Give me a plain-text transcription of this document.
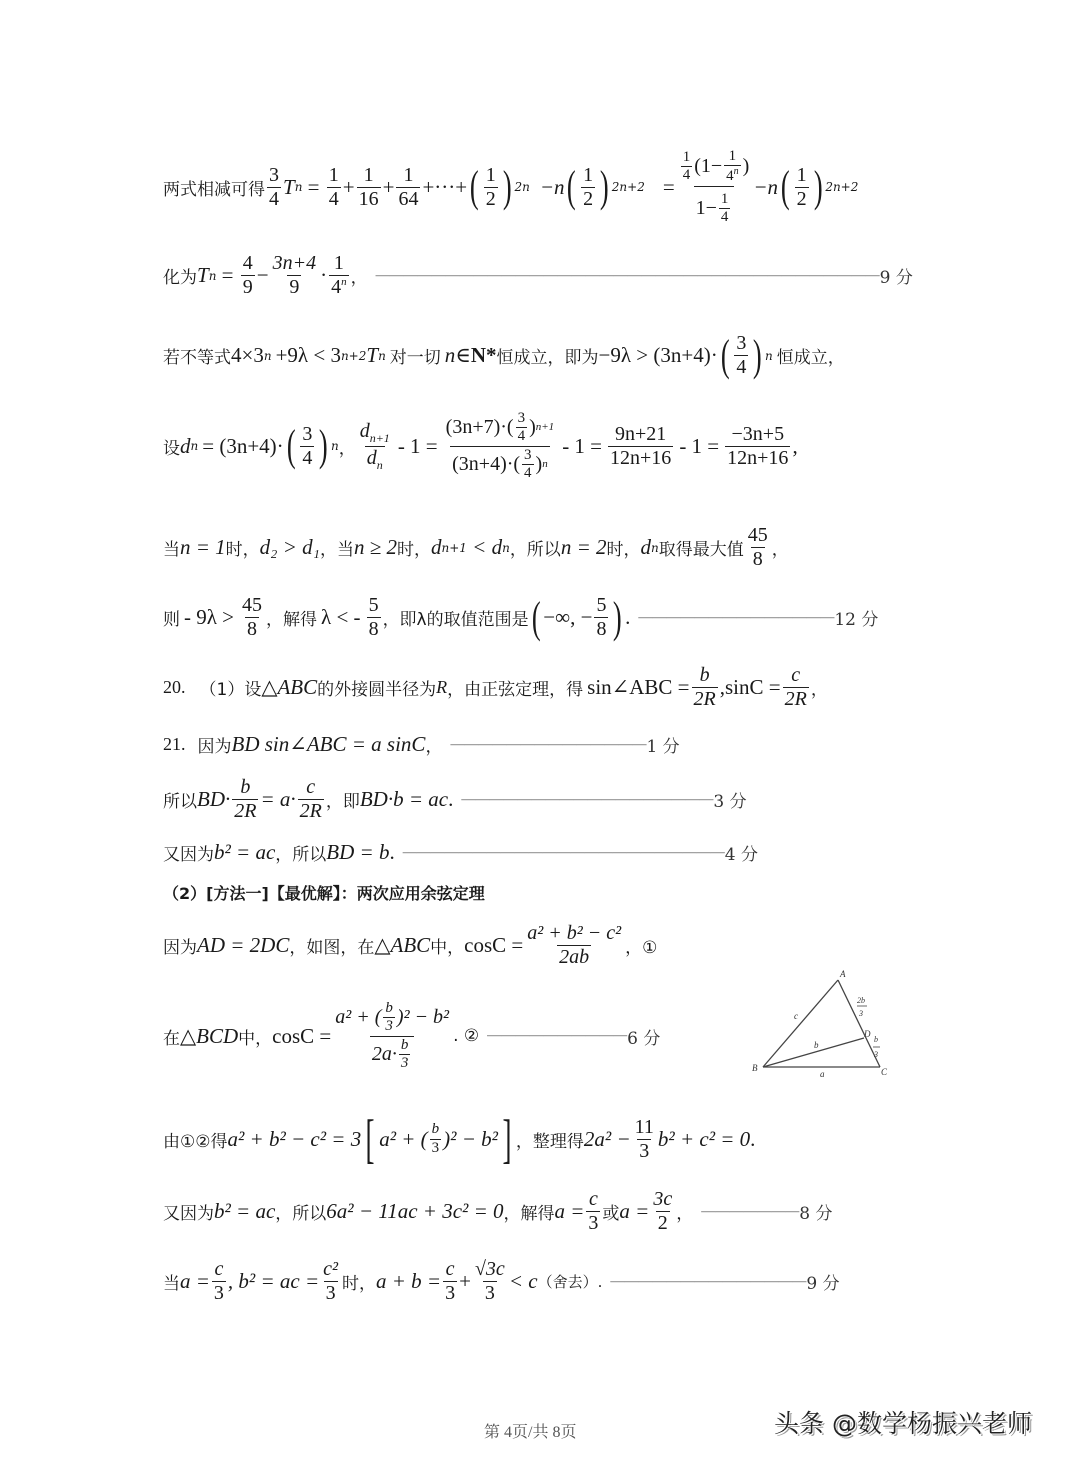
两式相减可得 $\frac{3}{4}$ T $n = \frac{1}{4} + \frac{1}{16} + \frac{1}{64}$ +···+ ( $\frac{1}{2}$ ) 2n −n ( $\frac{1}{2}$ ) $2n+2 = \frac{\frac{1}{4} (1- \frac{1}{4^n} )}{1- \frac{1}{4}} -n$ ( $\frac{1}{2}$ ) 2n+2
化为 T $n = \frac{4}{9} - \frac{3n+4}{9} \cdot \frac{1}{4^n}$ ， ———————————————————————————————————— 9 分
若不等式 4×3 n +9λ < 3 n+2 T n 对一切 n∈ N* 恒成立，即为 −9λ > (3n+4)· ( $\frac{3}{4}$ ) n 恒成立，
设 d n = (3n+4)· ( $\frac{3}{4}$ ) n ， $\frac{d_{n+1}}{d_n} - 1 = \frac{(3n+7)\cdot( \frac{3}{4} ) n+1}{(3n+4)\cdot( \frac{3}{4} ) n} - 1 = \frac{9n+21}{12n+16} - 1 = \frac{-3n+5}{12n+16}$ ,
当 n = 1 时， d₂ > d₁ ，当 n ≥ 2 时， d n+1 < d n ，所以 n = 2 时， d n 取得最大值 $\frac{45}{8}$ ，
则 - $9\lambda > \frac{45}{8}$ ，解得 λ < - $\frac{5}{8}$ ，即λ的取值范围是 ( −∞, − $\frac{5}{8}$ ) . —————————————— 12 分
20. （1）设 △ABC 的外接圆半径为 R ，由正弦定理，得 sin∠ABC = $\frac{b}{2R} ,\sin C = \frac{c}{2R}$ ，
21. 因为 BD sin∠ABC = a sinC ， —————————————— 1 分
所以 $BD\cdot \frac{b}{2R} = a\cdot \frac{c}{2R}$ ，即 BD·b = ac . —————————————————— 3 分
又因为 b² = ac ，所以 BD = b . ——————————————————————— 4 分
（2）[方法一]【最优解】：两次应用余弦定理
因为 AD = 2DC ，如图，在 △ABC 中， $\cos C = \frac{\text{a² + b² − c²}}{2ab}$ ，①
在 △BCD 中， $\cos C = \frac{a^2 + ( \frac{b}{3} )^2 - b^2}{2a\cdot \frac{b}{3}}$ . ② —————————— 6 分
A
B	C
D
c
b
a
2b
3
b
3
由①②得 a² + b² − c² = 3 [ a² + ( $\frac{b}{3} )^2 - b^2$ ] ，整理得 $2a^2 - \frac{11}{3} b^2 + c^2 = 0$ .
又因为 b² = ac ，所以 6a² − 11ac + 3c² = 0 ，解得 $a = \frac{c}{3}$ 或 $a = \frac{3c}{2}$ ， ——————— 8 分
当 $a = \frac{c}{3}$ , b² = ac = $\frac{\text{c²}}{3}$ 时， $a + b = \frac{c}{3} + \frac{√3c}{3} < c$ （舍去）. —————————————— 9 分
第 4页/共 8页	头条 @数学杨振兴老师
